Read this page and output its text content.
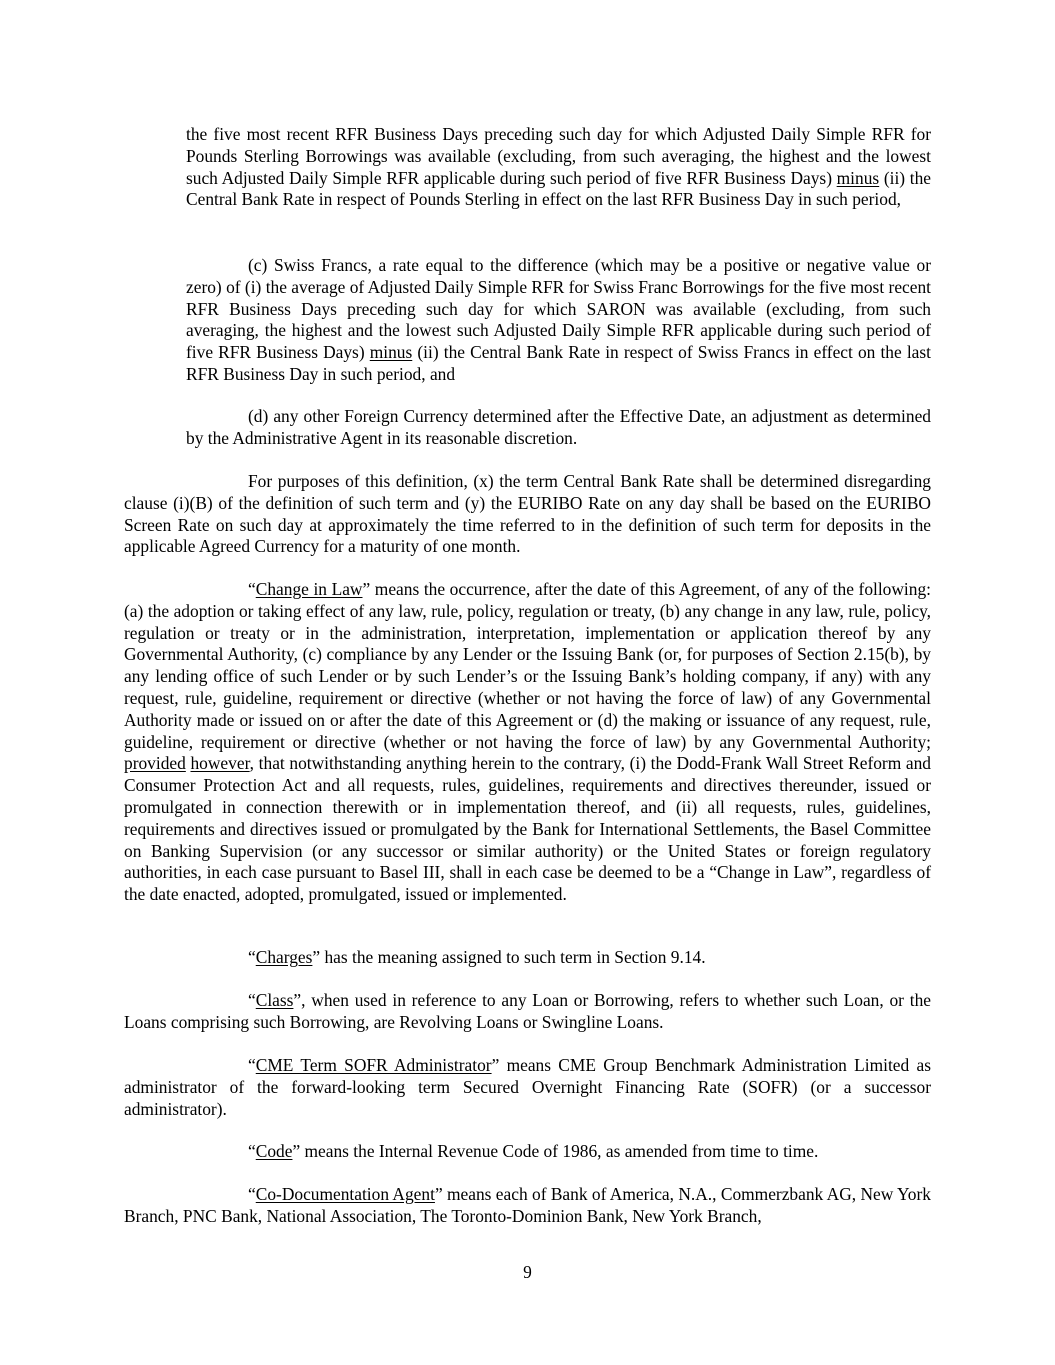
the five most recent RFR Business Days preceding such day for which Adjusted Daily Simple RFR for Pounds Sterling Borrowings was available (excluding, from such averaging, the highest and the lowest such Adjusted Daily Simple RFR applicable during such period of five RFR Business Days) minus (ii) the Central Bank Rate in respect of Pounds Sterling in effect on the last RFR Business Day in such period,

(c) Swiss Francs, a rate equal to the difference (which may be a positive or negative value or zero) of (i) the average of Adjusted Daily Simple RFR for Swiss Franc Borrowings for the five most recent RFR Business Days preceding such day for which SARON was available (excluding, from such averaging, the highest and the lowest such Adjusted Daily Simple RFR applicable during such period of five RFR Business Days) minus (ii) the Central Bank Rate in respect of Swiss Francs in effect on the last RFR Business Day in such period, and

(d) any other Foreign Currency determined after the Effective Date, an adjustment as determined by the Administrative Agent in its reasonable discretion.

For purposes of this definition, (x) the term Central Bank Rate shall be determined disregarding clause (i)(B) of the definition of such term and (y) the EURIBO Rate on any day shall be based on the EURIBO Screen Rate on such day at approximately the time referred to in the definition of such term for deposits in the applicable Agreed Currency for a maturity of one month.

“Change in Law” means the occurrence, after the date of this Agreement, of any of the following: (a) the adoption or taking effect of any law, rule, policy, regulation or treaty, (b) any change in any law, rule, policy, regulation or treaty or in the administration, interpretation, implementation or application thereof by any Governmental Authority, (c) compliance by any Lender or the Issuing Bank (or, for purposes of Section 2.15(b), by any lending office of such Lender or by such Lender’s or the Issuing Bank’s holding company, if any) with any request, rule, guideline, requirement or directive (whether or not having the force of law) of any Governmental Authority made or issued on or after the date of this Agreement or (d) the making or issuance of any request, rule, guideline, requirement or directive (whether or not having the force of law) by any Governmental Authority; provided however, that notwithstanding anything herein to the contrary, (i) the Dodd-Frank Wall Street Reform and Consumer Protection Act and all requests, rules, guidelines, requirements and directives thereunder, issued or promulgated in connection therewith or in implementation thereof, and (ii) all requests, rules, guidelines, requirements and directives issued or promulgated by the Bank for International Settlements, the Basel Committee on Banking Supervision (or any successor or similar authority) or the United States or foreign regulatory authorities, in each case pursuant to Basel III, shall in each case be deemed to be a “Change in Law”, regardless of the date enacted, adopted, promulgated, issued or implemented.

“Charges” has the meaning assigned to such term in Section 9.14.

“Class”, when used in reference to any Loan or Borrowing, refers to whether such Loan, or the Loans comprising such Borrowing, are Revolving Loans or Swingline Loans.

“CME Term SOFR Administrator” means CME Group Benchmark Administration Limited as administrator of the forward-looking term Secured Overnight Financing Rate (SOFR) (or a successor administrator).

“Code” means the Internal Revenue Code of 1986, as amended from time to time.

“Co-Documentation Agent” means each of Bank of America, N.A., Commerzbank AG, New York Branch, PNC Bank, National Association, The Toronto-Dominion Bank, New York Branch,

9
